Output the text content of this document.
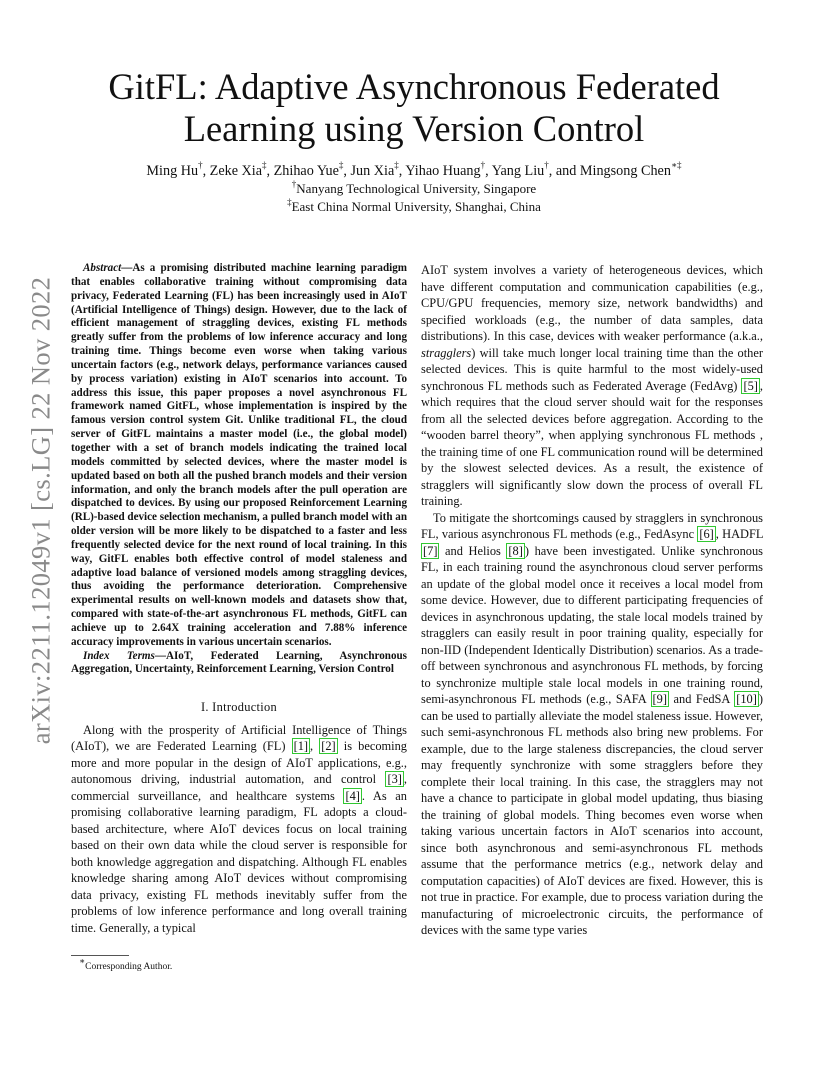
arXiv:2211.12049v1 [cs.LG] 22 Nov 2022
GitFL: Adaptive Asynchronous Federated Learning using Version Control
Ming Hu†, Zeke Xia‡, Zhihao Yue‡, Jun Xia‡, Yihao Huang†, Yang Liu†, and Mingsong Chen∗‡
†Nanyang Technological University, Singapore
‡East China Normal University, Shanghai, China

Abstract—As a promising distributed machine learning paradigm that enables collaborative training without compromising data privacy, Federated Learning (FL) has been increasingly used in AIoT (Artificial Intelligence of Things) design. However, due to the lack of efficient management of straggling devices, existing FL methods greatly suffer from the problems of low inference accuracy and long training time. Things become even worse when taking various uncertain factors (e.g., network delays, performance variances caused by process variation) existing in AIoT scenarios into account. To address this issue, this paper proposes a novel asynchronous FL framework named GitFL, whose implementation is inspired by the famous version control system Git. Unlike traditional FL, the cloud server of GitFL maintains a master model (i.e., the global model) together with a set of branch models indicating the trained local models committed by selected devices, where the master model is updated based on both all the pushed branch models and their version information, and only the branch models after the pull operation are dispatched to devices. By using our proposed Reinforcement Learning (RL)-based device selection mechanism, a pulled branch model with an older version will be more likely to be dispatched to a faster and less frequently selected device for the next round of local training. In this way, GitFL enables both effective control of model staleness and adaptive load balance of versioned models among straggling devices, thus avoiding the performance deterioration. Comprehensive experimental results on well-known models and datasets show that, compared with state-of-the-art asynchronous FL methods, GitFL can achieve up to 2.64X training acceleration and 7.88% inference accuracy improvements in various uncertain scenarios.

Index Terms—AIoT, Federated Learning, Asynchronous Aggregation, Uncertainty, Reinforcement Learning, Version Control

I. Introduction

Along with the prosperity of Artificial Intelligence of Things (AIoT), we are Federated Learning (FL) [1] , [2] is becoming more and more popular in the design of AIoT applications, e.g., autonomous driving, industrial automation, and control [3] , commercial surveillance, and healthcare systems [4] . As an promising collaborative learning paradigm, FL adopts a cloud-based architecture, where AIoT devices focus on local training based on their own data while the cloud server is responsible for both knowledge aggregation and dispatching. Although FL enables knowledge sharing among AIoT devices without compromising data privacy, existing FL methods inevitably suffer from the problems of low inference performance and long overall training time. Generally, a typical

∗Corresponding Author.

AIoT system involves a variety of heterogeneous devices, which have different computation and communication capabilities (e.g., CPU/GPU frequencies, memory size, network bandwidths) and specified workloads (e.g., the number of data samples, data distributions). In this case, devices with weaker performance (a.k.a., stragglers) will take much longer local training time than the other selected devices. This is quite harmful to the most widely-used synchronous FL methods such as Federated Average (FedAvg) [5] , which requires that the cloud server should wait for the responses from all the selected devices before aggregation. According to the “wooden barrel theory”, when applying synchronous FL methods , the training time of one FL communication round will be determined by the slowest selected devices. As a result, the existence of stragglers will significantly slow down the process of overall FL training.

To mitigate the shortcomings caused by stragglers in synchronous FL, various asynchronous FL methods (e.g., FedAsync [6] , HADFL [7] and Helios [8] ) have been investigated. Unlike synchronous FL, in each training round the asynchronous cloud server performs an update of the global model once it receives a local model from some device. However, due to different participating frequencies of devices in asynchronous updating, the stale local models trained by stragglers can easily result in poor training quality, especially for non-IID (Independent Identically Distribution) scenarios. As a trade-off between synchronous and asynchronous FL methods, by forcing to synchronize multiple stale local models in one training round, semi-asynchronous FL methods (e.g., SAFA [9] and FedSA [10] ) can be used to partially alleviate the model staleness issue. However, such semi-asynchronous FL methods also bring new problems. For example, due to the large staleness discrepancies, the cloud server may frequently synchronize with some stragglers before they complete their local training. In this case, the stragglers may not have a chance to participate in global model updating, thus biasing the training of global models. Thing becomes even worse when taking various uncertain factors in AIoT scenarios into account, since both asynchronous and semi-asynchronous FL methods assume that the performance metrics (e.g., network delay and computation capacities) of AIoT devices are fixed. However, this is not true in practice. For example, due to process variation during the manufacturing of microelectronic circuits, the performance of devices with the same type varies
